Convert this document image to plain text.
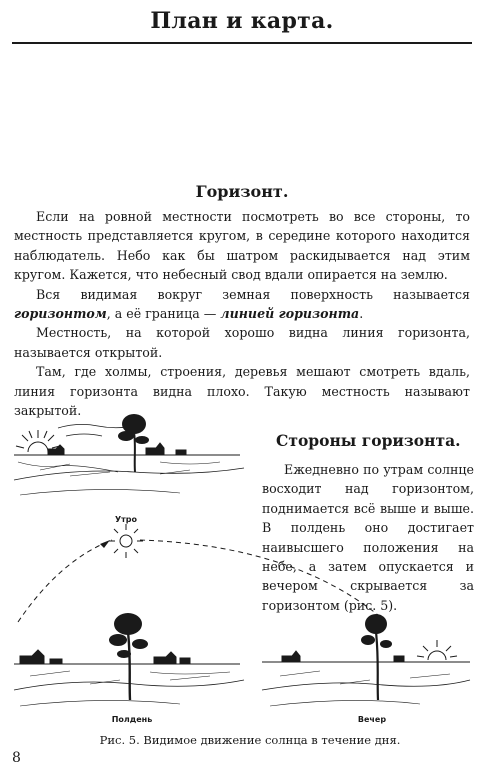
План и карта.
Горизонт.

Если на ровной местности посмотреть во все стороны, то местность представляется кругом, в середине которого находится наблюдатель. Небо как бы шатром раскидывается над этим кругом. Кажется, что небесный свод вдали опирается на землю.

Вся видимая вокруг земная поверхность называется горизонтом, а её граница — линией горизонта.

Местность, на которой хорошо видна линия горизонта, называется открытой.

Там, где холмы, строения, деревья мешают смотреть вдаль, линия горизонта видна плохо. Такую местность называют закрытой.

Стороны горизонта.

Ежедневно по утрам солнце восходит над горизонтом, поднимается всё выше и выше. В полдень оно достигает наивысшего положения на небе, а затем опускается и вечером скрывается за горизонтом (рис. 5).

Утро
Полдень	Вечер
Рис. 5. Видимое движение солнца в течение дня.
8
